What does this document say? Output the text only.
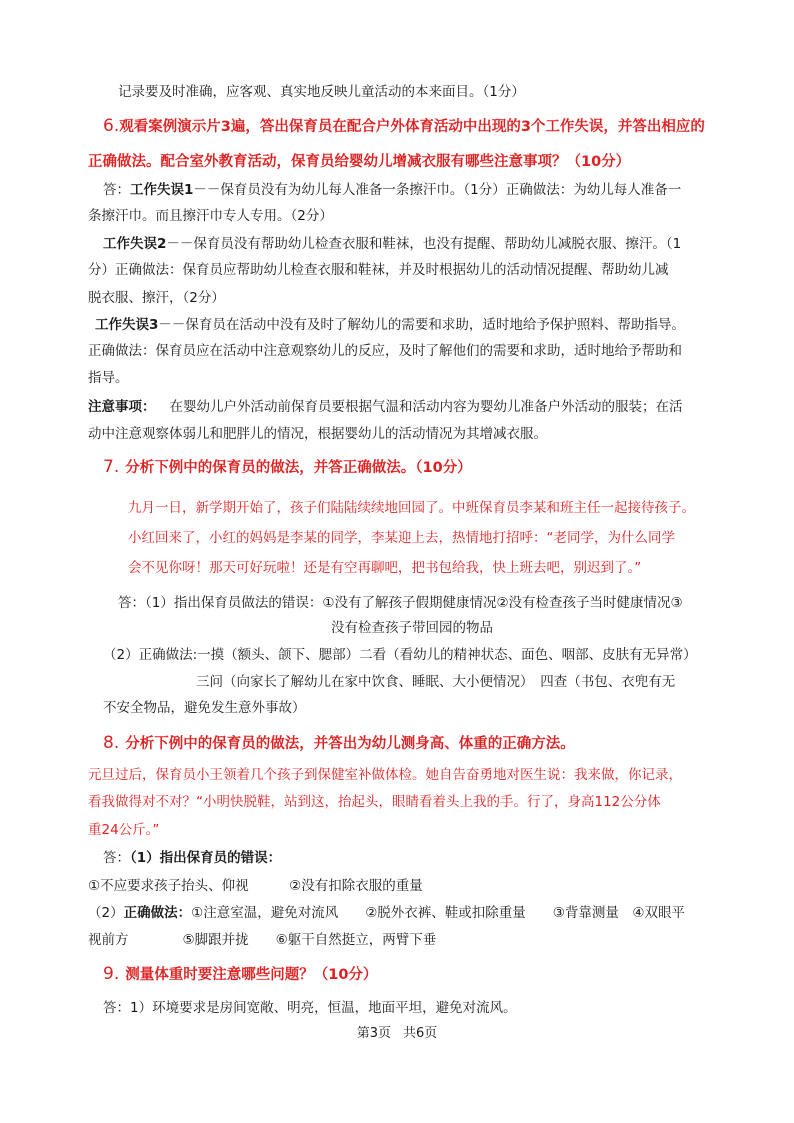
记录要及时准确，应客观、真实地反映儿童活动的本来面目。（1分）
6.观看案例演示片3遍，答出保育员在配合户外体育活动中出现的3个工作失误，并答出相应的
正确做法。配合室外教育活动，保育员给婴幼儿增减衣服有哪些注意事项？（10分）
答：工作失误1－－保育员没有为幼儿每人准备一条擦汗巾。（1分）正确做法：为幼儿每人准备一
条擦汗巾。而且擦汗巾专人专用。（2分）
工作失误2－－保育员没有帮助幼儿检查衣服和鞋袜，也没有提醒、帮助幼儿减脱衣服、擦汗。（1
分）正确做法：保育员应帮助幼儿检查衣服和鞋袜，并及时根据幼儿的活动情况提醒、帮助幼儿减
脱衣服、擦汗，（2分）
工作失误3－－保育员在活动中没有及时了解幼儿的需要和求助，适时地给予保护照料、帮助指导。
正确做法：保育员应在活动中注意观察幼儿的反应，及时了解他们的需要和求助，适时地给予帮助和
指导。
注意事项： 在婴幼儿户外活动前保育员要根据气温和活动内容为婴幼儿准备户外活动的服装；在活
动中注意观察体弱儿和肥胖儿的情况，根据婴幼儿的活动情况为其增减衣服。
7. 分析下例中的保育员的做法，并答正确做法。（10分）
九月一日，新学期开始了，孩子们陆陆续续地回园了。中班保育员李某和班主任一起接待孩子。
小红回来了，小红的妈妈是李某的同学，李某迎上去，热情地打招呼：“老同学，为什么同学
会不见你呀！那天可好玩啦！还是有空再聊吧，把书包给我，快上班去吧，别迟到了。”
答：（1）指出保育员做法的错误：①没有了解孩子假期健康情况②没有检查孩子当时健康情况③
没有检查孩子带回园的物品
（2）正确做法:一摸（额头、颌下、腮部）二看（看幼儿的精神状态、面色、咽部、皮肤有无异常）
三问（向家长了解幼儿在家中饮食、睡眠、大小便情况）　四查（书包、衣兜有无
不安全物品，避免发生意外事故）
8. 分析下例中的保育员的做法，并答出为幼儿测身高、体重的正确方法。
元旦过后，保育员小王领着几个孩子到保健室补做体检。她自告奋勇地对医生说：我来做，你记录，
看我做得对不对？“小明快脱鞋，站到这，抬起头，眼睛看着头上我的手。行了，身高112公分体
重24公斤。”
答：（1）指出保育员的错误：
①不应要求孩子抬头、仰视　　　②没有扣除衣服的重量
（2）正确做法：①注意室温，避免对流风　　②脱外衣裤、鞋或扣除重量　　③背靠测量　④双眼平
视前方　　　　⑤脚跟并拢　　⑥躯干自然挺立，两臂下垂
9. 测量体重时要注意哪些问题？（10分）
答：1）环境要求是房间宽敞、明亮，恒温，地面平坦，避免对流风。
第3页 共6页
